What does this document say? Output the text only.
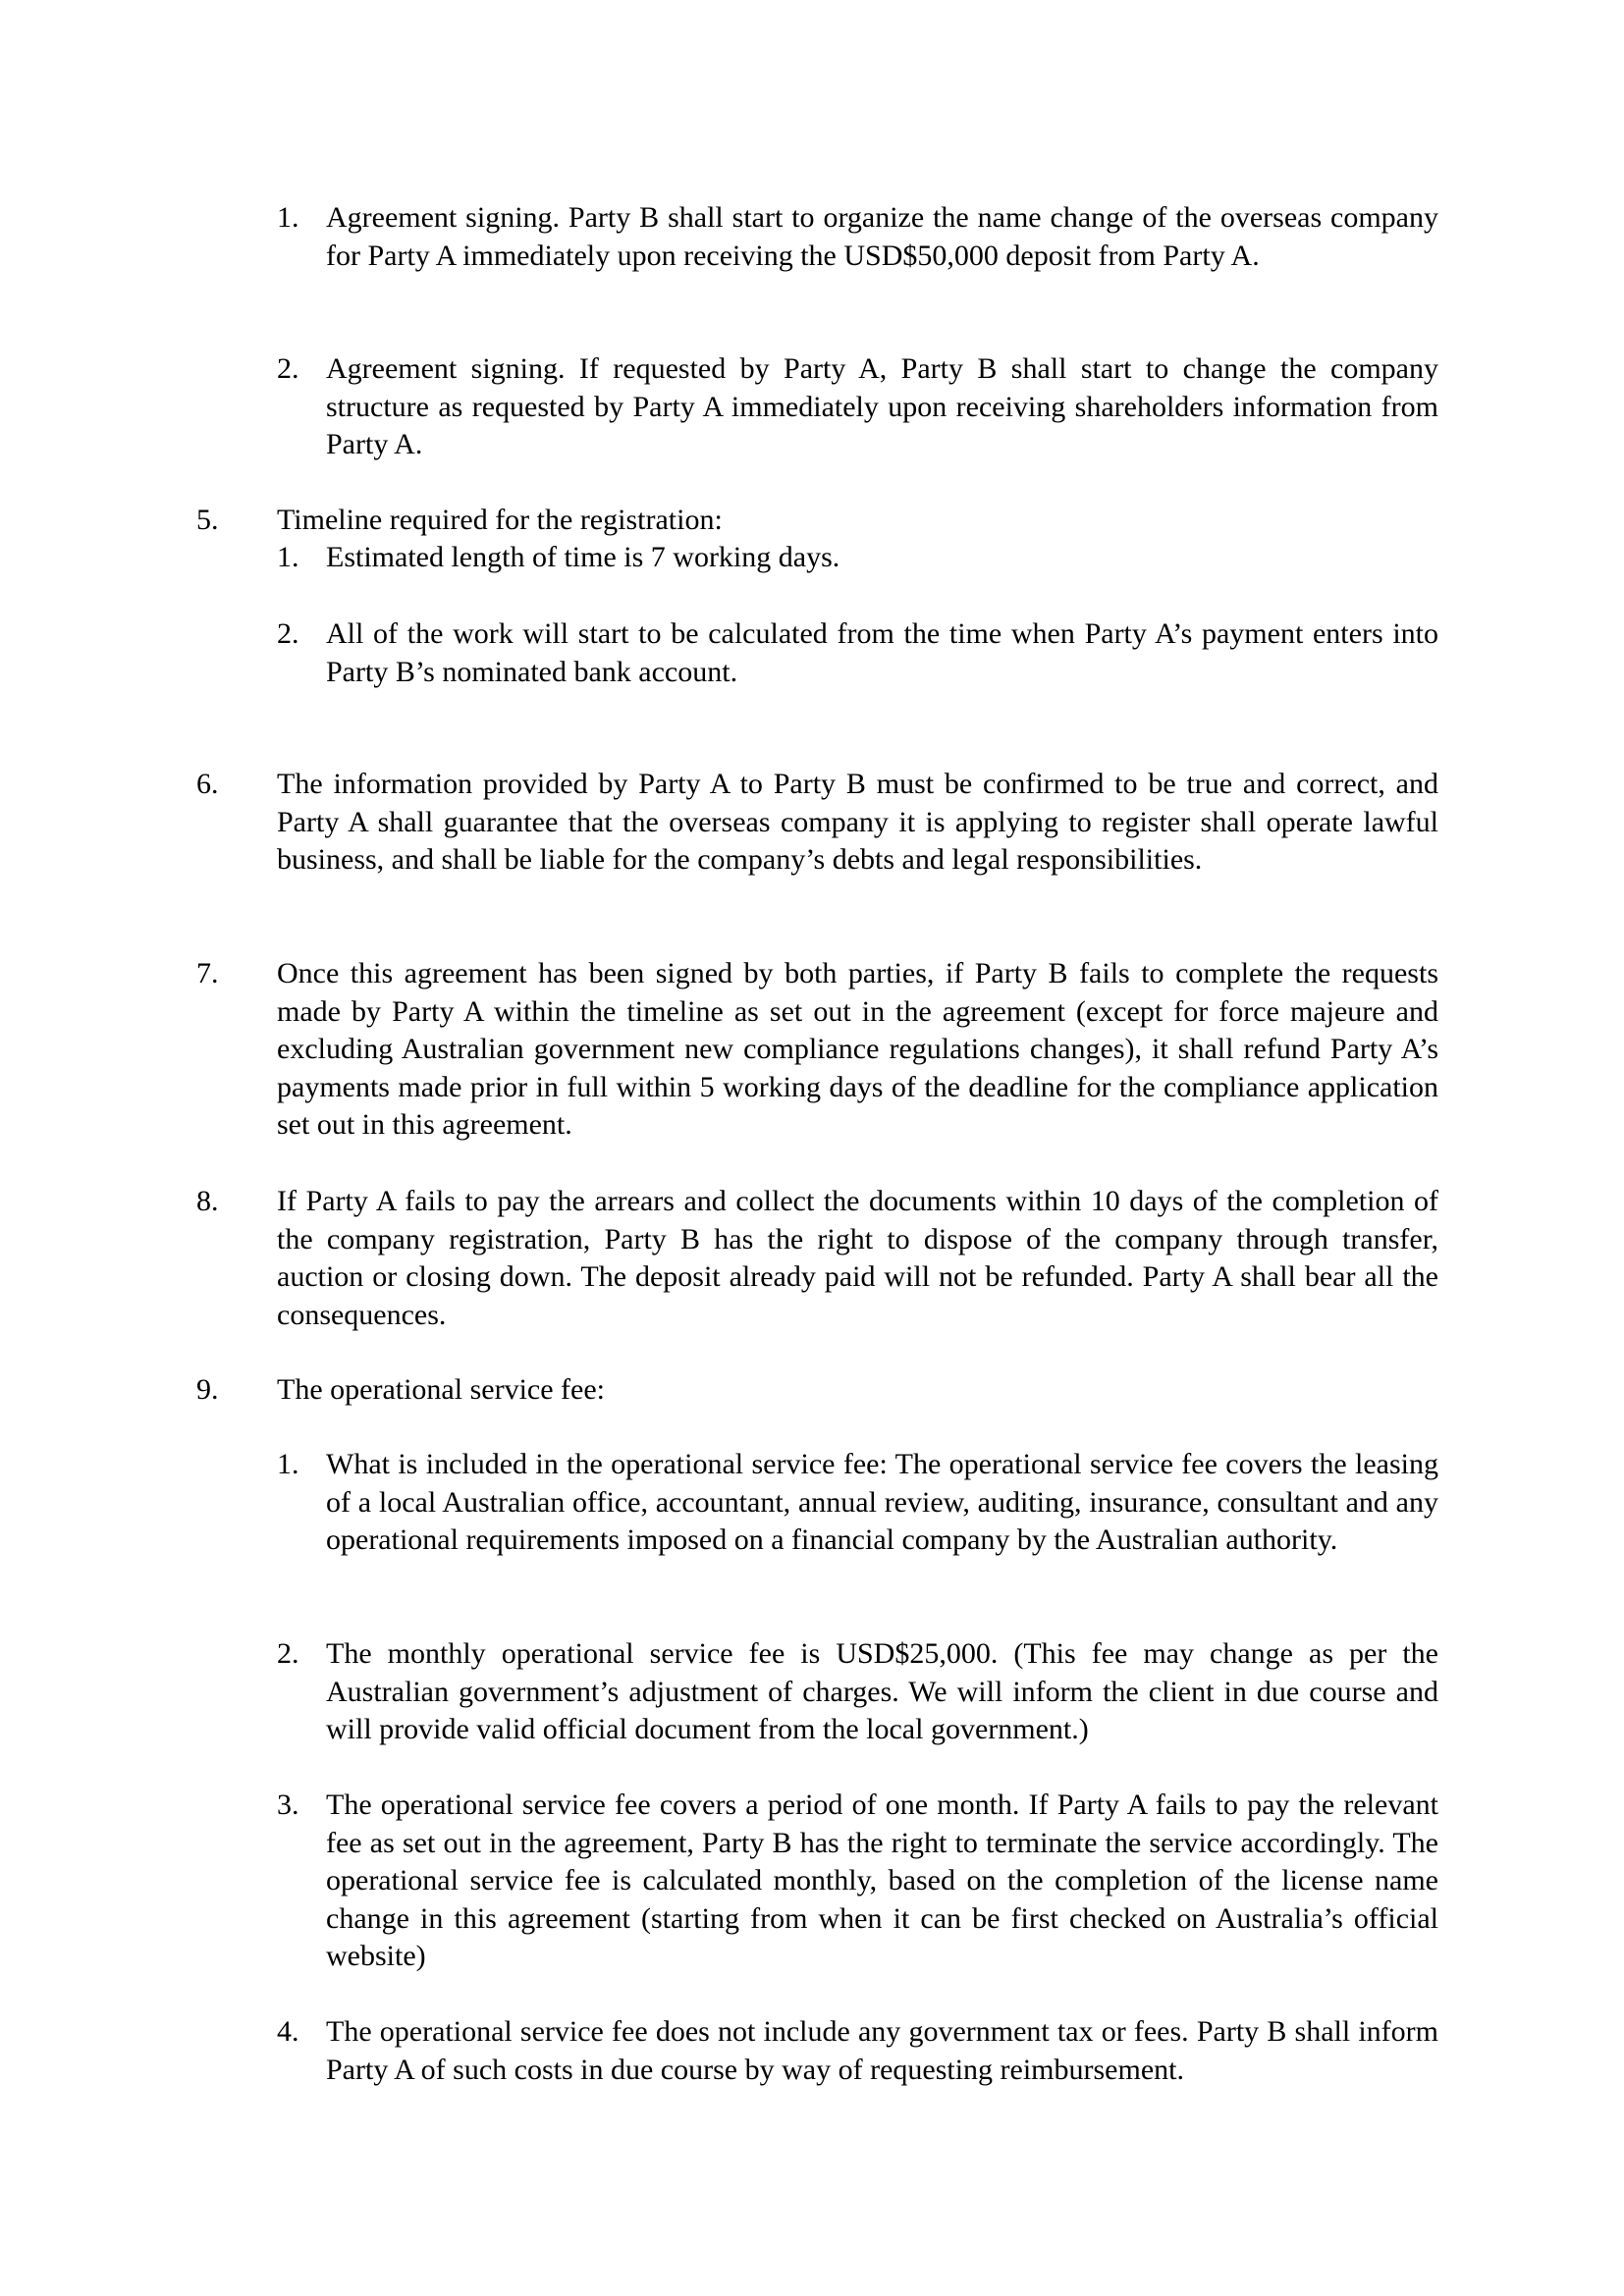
1. Agreement signing. Party B shall start to organize the name change of the overseas company for Party A immediately upon receiving the USD$50,000 deposit from Party A.

2. Agreement signing. If requested by Party A, Party B shall start to change the company structure as requested by Party A immediately upon receiving shareholders information from Party A.

5. Timeline required for the registration:

1. Estimated length of time is 7 working days.

2. All of the work will start to be calculated from the time when Party A’s payment enters into Party B’s nominated bank account.

6. The information provided by Party A to Party B must be confirmed to be true and correct, and Party A shall guarantee that the overseas company it is applying to register shall operate lawful business, and shall be liable for the company’s debts and legal responsibilities.

7. Once this agreement has been signed by both parties, if Party B fails to complete the requests made by Party A within the timeline as set out in the agreement (except for force majeure and excluding Australian government new compliance regulations changes), it shall refund Party A’s payments made prior in full within 5 working days of the deadline for the compliance application set out in this agreement.

8. If Party A fails to pay the arrears and collect the documents within 10 days of the completion of the company registration, Party B has the right to dispose of the company through transfer, auction or closing down. The deposit already paid will not be refunded. Party A shall bear all the consequences.

9. The operational service fee:

1. What is included in the operational service fee: The operational service fee covers the leasing of a local Australian office, accountant, annual review, auditing, insurance, consultant and any operational requirements imposed on a financial company by the Australian authority.

2. The monthly operational service fee is USD$25,000. (This fee may change as per the Australian government’s adjustment of charges. We will inform the client in due course and will provide valid official document from the local government.)

3. The operational service fee covers a period of one month. If Party A fails to pay the relevant fee as set out in the agreement, Party B has the right to terminate the service accordingly. The operational service fee is calculated monthly, based on the completion of the license name change in this agreement (starting from when it can be first checked on Australia’s official website)

4. The operational service fee does not include any government tax or fees. Party B shall inform Party A of such costs in due course by way of requesting reimbursement.
